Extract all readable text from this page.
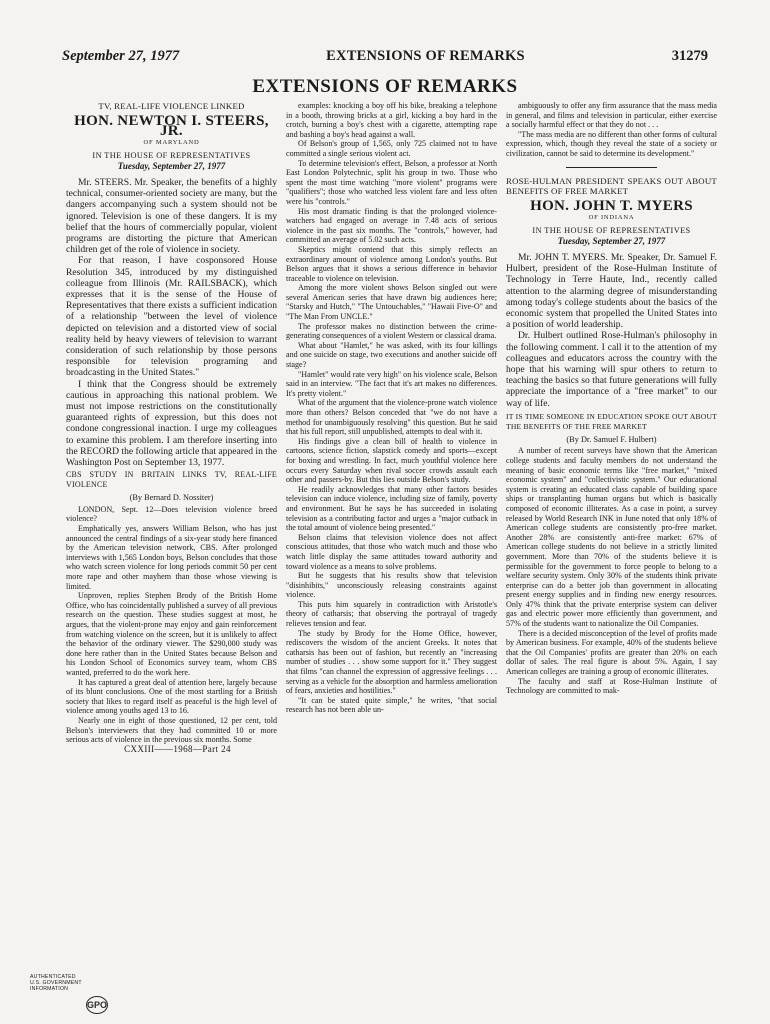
September 27, 1977	EXTENSIONS OF REMARKS	31279
EXTENSIONS OF REMARKS

TV, REAL-LIFE VIOLENCE LINKED

HON. NEWTON I. STEERS, JR.
OF MARYLAND
IN THE HOUSE OF REPRESENTATIVES
Tuesday, September 27, 1977

Mr. STEERS. Mr. Speaker, the benefits of a highly technical, consumer-oriented society are many, but the dangers accompanying such a system should not be ignored. Television is one of these dangers. It is my belief that the hours of commercially popular, violent programs are distorting the picture that American children get of the role of violence in society.

For that reason, I have cosponsored House Resolution 345, introduced by my distinguished colleague from Illinois (Mr. RAILSBACK), which expresses that it is the sense of the House of Representatives that there exists a sufficient indication of a relationship "between the level of violence depicted on television and a distorted view of social reality held by heavy viewers of television to warrant consideration of such relationship by those persons responsible for television programing and broadcasting in the United States."

I think that the Congress should be extremely cautious in approaching this national problem. We must not impose restrictions on the constitutionally guaranteed rights of expression, but this does not condone congressional inaction. I urge my colleagues to examine this problem. I am therefore inserting into the RECORD the following article that appeared in the Washington Post on September 13, 1977.

CBS STUDY IN BRITAIN LINKS TV, REAL-LIFE VIOLENCE

(By Bernard D. Nossiter)

LONDON, Sept. 12—Does television violence breed violence?

Emphatically yes, answers William Belson, who has just announced the central findings of a six-year study here financed by the American television network, CBS. After prolonged interviews with 1,565 London boys, Belson concludes that those who watch screen violence for long periods commit 50 per cent more rape and other mayhem than those whose viewing is limited.

Unproven, replies Stephen Brody of the British Home Office, who has coincidentally published a survey of all previous research on the question. These studies suggest at most, he argues, that the violent-prone may enjoy and gain reinforcement from watching violence on the screen, but it is unlikely to affect the behavior of the ordinary viewer. The $290,000 study was done here rather than in the United States because Belson and his London School of Economics survey team, whom CBS wanted, preferred to do the work here.

It has captured a great deal of attention here, largely because of its blunt conclusions. One of the most startling for a British society that likes to regard itself as peaceful is the high level of violence among youths aged 13 to 16.

Nearly one in eight of those questioned, 12 per cent, told Belson's interviewers that they had committed 10 or more serious acts of violence in the previous six months. Some

CXXIII——1968—Part 24

examples: knocking a boy off his bike, breaking a telephone in a booth, throwing bricks at a girl, kicking a boy hard in the crotch, burning a boy's chest with a cigarette, attempting rape and bashing a boy's head against a wall.

Of Belson's group of 1,565, only 725 claimed not to have committed a single serious violent act.

To determine television's effect, Belson, a professor at North East London Polytechnic, split his group in two. Those who spent the most time watching "more violent" programs were "qualifiers"; those who watched less violent fare and less often were his "controls."

His most dramatic finding is that the prolonged violence-watchers had engaged on average in 7.48 acts of serious violence in the past six months. The "controls," however, had committed an average of 5.02 such acts.

Skeptics might contend that this simply reflects an extraordinary amount of violence among London's youths. But Belson argues that it shows a serious difference in behavior traceable to violence on television.

Among the more violent shows Belson singled out were several American series that have drawn big audiences here; "Starsky and Hutch," "The Untouchables," "Hawaii Five-O" and "The Man From UNCLE."

The professor makes no distinction between the crime-generating consequences of a violent Western or classical drama.

What about "Hamlet," he was asked, with its four killings and one suicide on stage, two executions and another suicide off stage?

"Hamlet" would rate very high" on his violence scale, Belson said in an interview. "The fact that it's art makes no differences. It's pretty violent."

What of the argument that the violence-prone watch violence more than others? Belson conceded that "we do not have a method for unambiguously resolving" this question. But he said that his full report, still unpublished, attempts to deal with it.

His findings give a clean bill of health to violence in cartoons, science fiction, slapstick comedy and sports—except for boxing and wrestling. In fact, much youthful violence here occurs every Saturday when rival soccer crowds assault each other and passers-by. But this lies outside Belson's study.

He readily acknowledges that many other factors besides television can induce violence, including size of family, poverty and environment. But he says he has succeeded in isolating television as a contributing factor and urges a "major cutback in the total amount of violence being presented."

Belson claims that television violence does not affect conscious attitudes, that those who watch much and those who watch little display the same attitudes toward authority and toward violence as a means to solve problems.

But he suggests that his results show that television "disinhibits," unconsciously releasing constraints against violence.

This puts him squarely in contradiction with Aristotle's theory of catharsis; that observing the portrayal of tragedy relieves tension and fear.

The study by Brody for the Home Office, however, rediscovers the wisdom of the ancient Greeks. It notes that catharsis has been out of fashion, but recently an "increasing number of studies . . . show some support for it." They suggest that films "can channel the expression of aggressive feelings . . . serving as a vehicle for the absorption and harmless amelioration of fears, anxieties and hostilities."

"It can be stated quite simple," he writes, "that social research has not been able un-

ambiguously to offer any firm assurance that the mass media in general, and films and television in particular, either exercise a socially harmful effect or that they do not . . .

"The mass media are no different than other forms of cultural expression, which, though they reveal the state of a society or civilization, cannot be said to determine its development."

ROSE-HULMAN PRESIDENT SPEAKS OUT ABOUT BENEFITS OF FREE MARKET

HON. JOHN T. MYERS
OF INDIANA
IN THE HOUSE OF REPRESENTATIVES
Tuesday, September 27, 1977

Mr. JOHN T. MYERS. Mr. Speaker, Dr. Samuel F. Hulbert, president of the Rose-Hulman Institute of Technology in Terre Haute, Ind., recently called attention to the alarming degree of misunderstanding among today's college students about the basics of the economic system that propelled the United States into a position of world leadership.

Dr. Hulbert outlined Rose-Hulman's philosophy in the following comment. I call it to the attention of my colleagues and educators across the country with the hope that his warning will spur others to return to teaching the basics so that future generations will fully appreciate the importance of a "free market" to our way of life.

IT IS TIME SOMEONE IN EDUCATION SPOKE OUT ABOUT THE BENEFITS OF THE FREE MARKET

(By Dr. Samuel F. Hulbert)

A number of recent surveys have shown that the American college students and faculty members do not understand the meaning of basic economic terms like "free market," "mixed economic system" and "collectivistic system." Our educational system is creating an educated class capable of building space ships or transplanting human organs but which is basically composed of economic illiterates. As a case in point, a survey released by World Research INK in June noted that only 18% of American college students are consistently pro-free market. Another 28% are consistently anti-free market: 67% of American college students do not believe in a strictly limited government. More than 70% of the students believe it is permissible for the government to force people to belong to a welfare security system. Only 30% of the students think private enterprise can do a better job than government in allocating present energy supplies and in finding new energy resources. Only 47% think that the private enterprise system can deliver gas and electric power more efficiently than government, and 57% of the students want to nationalize the Oil Companies.

There is a decided misconception of the level of profits made by American business. For example, 40% of the students believe that the Oil Companies' profits are greater than 20% on each dollar of sales. The real figure is about 5%. Again, I say American colleges are training a group of economic illiterates.

The faculty and staff at Rose-Hulman Institute of Technology are committed to mak-

AUTHENTICATED
U.S. GOVERNMENT
INFORMATION
GPO
